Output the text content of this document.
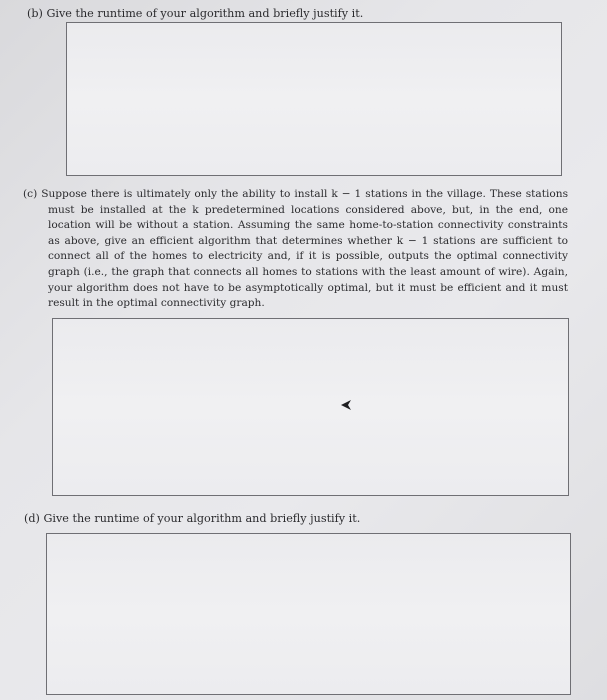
(b) Give the runtime of your algorithm and briefly justify it.

(c) Suppose there is ultimately only the ability to install k − 1 stations in the village. These stations must be installed at the k predetermined locations considered above, but, in the end, one location will be without a station. Assuming the same home-to-station connectivity constraints as above, give an efficient algorithm that determines whether k − 1 stations are sufficient to connect all of the homes to electricity and, if it is possible, outputs the optimal connectivity graph (i.e., the graph that connects all homes to stations with the least amount of wire). Again, your algorithm does not have to be asymptotically optimal, but it must be efficient and it must result in the optimal connectivity graph.

(d) Give the runtime of your algorithm and briefly justify it.
